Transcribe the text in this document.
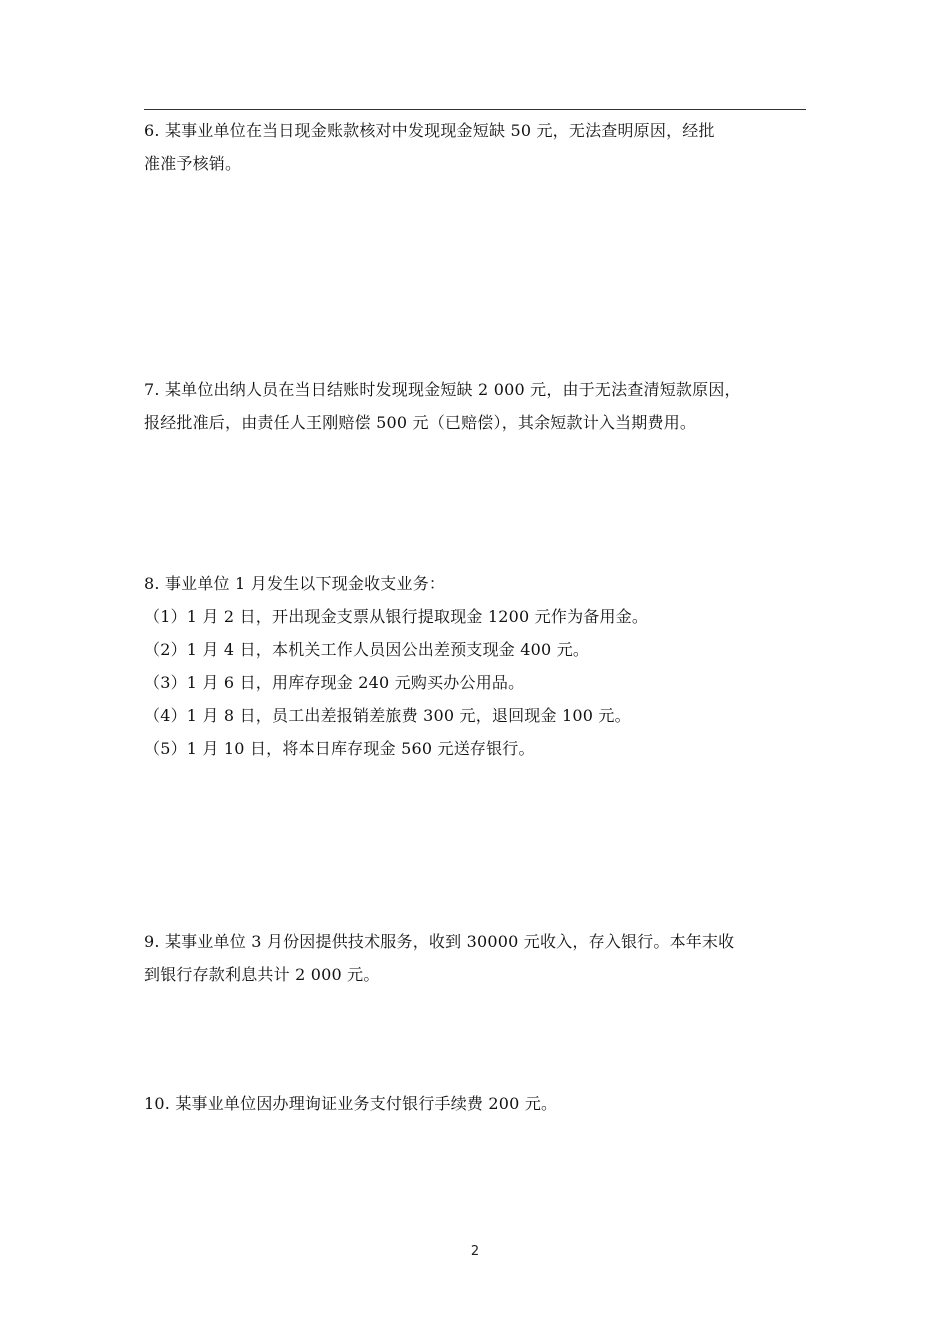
6. 某事业单位在当日现金账款核对中发现现金短缺 50 元，无法查明原因，经批
准准予核销。
7. 某单位出纳人员在当日结账时发现现金短缺 2 000 元，由于无法查清短款原因，
报经批准后，由责任人王刚赔偿 500 元（已赔偿），其余短款计入当期费用。
8. 事业单位 1 月发生以下现金收支业务：
（1）1 月 2 日，开出现金支票从银行提取现金 1200 元作为备用金。
（2）1 月 4 日，本机关工作人员因公出差预支现金 400 元。
（3）1 月 6 日，用库存现金 240 元购买办公用品。
（4）1 月 8 日，员工出差报销差旅费 300 元，退回现金 100 元。
（5）1 月 10 日，将本日库存现金 560 元送存银行。
9. 某事业单位 3 月份因提供技术服务，收到 30000 元收入，存入银行。本年末收
到银行存款利息共计 2 000 元。
10. 某事业单位因办理询证业务支付银行手续费 200 元。
2
